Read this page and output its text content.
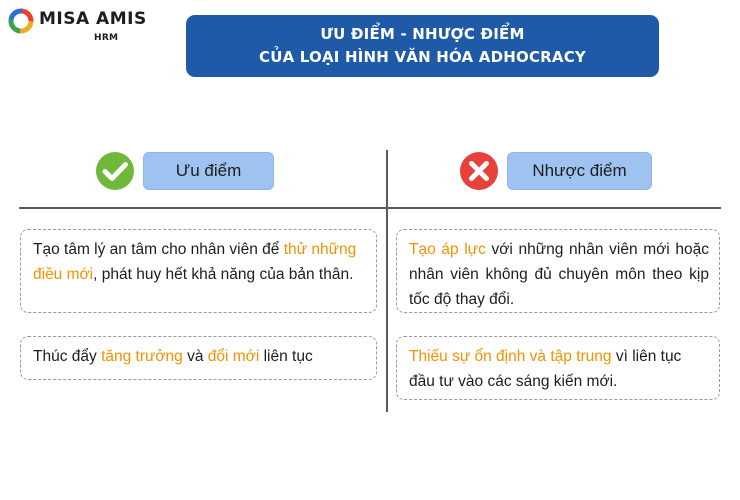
MISA AMIS
HRM	ƯU ĐIỂM - NHƯỢC ĐIỂM
CỦA LOẠI HÌNH VĂN HÓA ADHOCRACY
Ưu điểm	Nhược điểm
Tạo tâm lý an tâm cho nhân viên để thử những điều mới, phát huy hết khả năng của bản thân.
Thúc đẩy tăng trưởng và đổi mới liên tục
Tạo áp lực với những nhân viên mới hoặc nhân viên không đủ chuyên môn theo kịp tốc độ thay đổi.
Thiếu sự ổn định và tập trung vì liên tục đầu tư vào các sáng kiến mới.
